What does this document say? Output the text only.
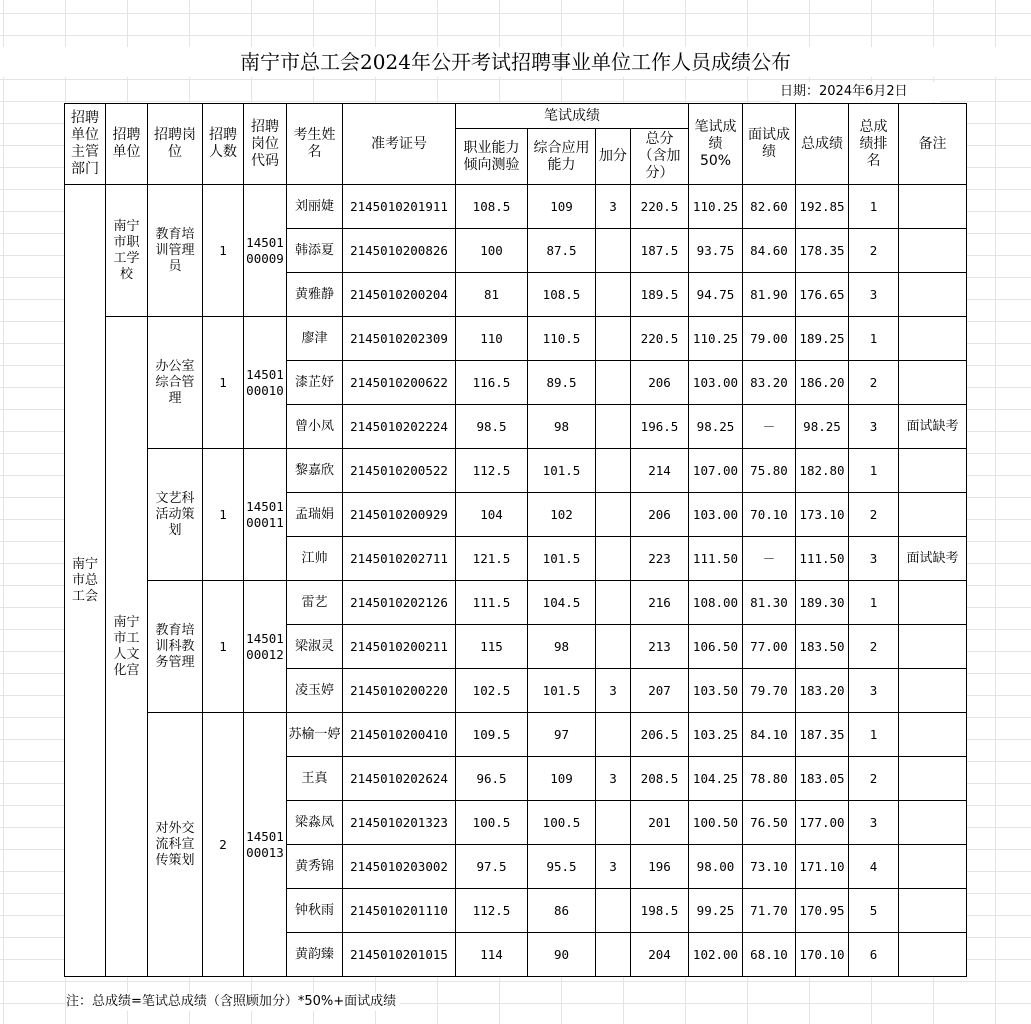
南宁市总工会2024年公开考试招聘事业单位工作人员成绩公布
日期：2024年6月2日
招聘单位主管部门	招聘单位	招聘岗位	招聘人数	招聘岗位代码	考生姓名	准考证号	笔试成绩				笔试成绩50%	面试成绩	总成绩	总成绩排名	备注
							职业能力倾向测验	综合应用能力	加分	总分（含加分）					
南宁市总工会	南宁市职工学校	教育培训管理员	1	14501 00009	刘丽婕	2145010201911	108.5	109	3	220.5	110.25	82.60	192.85	1	
					韩添夏	2145010200826	100	87.5		187.5	93.75	84.60	178.35	2	
					黄雅静	2145010200204	81	108.5		189.5	94.75	81.90	176.65	3	
	南宁市工人文化宫	办公室综合管理	1	14501 00010	廖津	2145010202309	110	110.5		220.5	110.25	79.00	189.25	1	
					漆芷妤	2145010200622	116.5	89.5		206	103.00	83.20	186.20	2	
					曾小凤	2145010202224	98.5	98		196.5	98.25	－	98.25	3	面试缺考
		文艺科活动策划	1	14501 00011	黎嘉欣	2145010200522	112.5	101.5		214	107.00	75.80	182.80	1	
					孟瑞娟	2145010200929	104	102		206	103.00	70.10	173.10	2	
					江帅	2145010202711	121.5	101.5		223	111.50	－	111.50	3	面试缺考
		教育培训科教务管理	1	14501 00012	雷艺	2145010202126	111.5	104.5		216	108.00	81.30	189.30	1	
					梁淑灵	2145010200211	115	98		213	106.50	77.00	183.50	2	
					凌玉婷	2145010200220	102.5	101.5	3	207	103.50	79.70	183.20	3	
		对外交流科宣传策划	2	14501 00013	苏榆一婷	2145010200410	109.5	97		206.5	103.25	84.10	187.35	1	
					王真	2145010202624	96.5	109	3	208.5	104.25	78.80	183.05	2	
					梁淼凤	2145010201323	100.5	100.5		201	100.50	76.50	177.00	3	
					黄秀锦	2145010203002	97.5	95.5	3	196	98.00	73.10	171.10	4	
					钟秋雨	2145010201110	112.5	86		198.5	99.25	71.70	170.95	5	
					黄韵臻	2145010201015	114	90		204	102.00	68.10	170.10	6	
注：总成绩=笔试总成绩（含照顾加分）*50%+面试成绩
